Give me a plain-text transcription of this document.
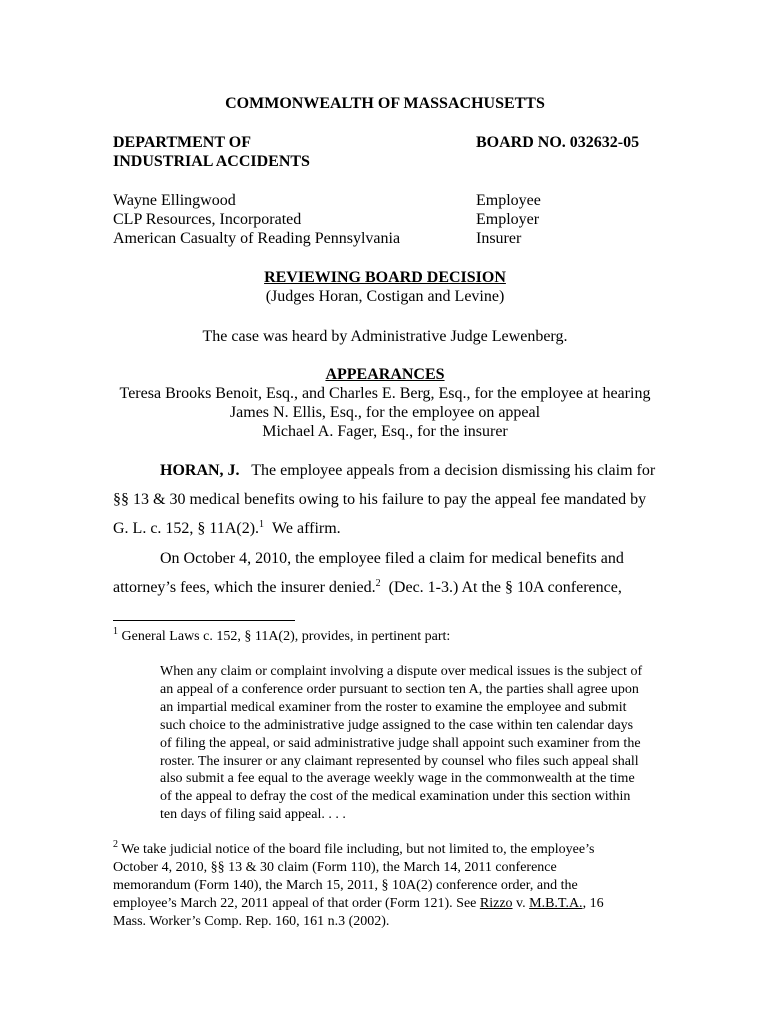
COMMONWEALTH OF MASSACHUSETTS
DEPARTMENT OF
INDUSTRIAL ACCIDENTS
BOARD NO. 032632-05
Wayne Ellingwood	Employee
CLP Resources, Incorporated	Employer
American Casualty of Reading Pennsylvania	Insurer
REVIEWING BOARD DECISION
(Judges Horan, Costigan and Levine)
The case was heard by Administrative Judge Lewenberg.
APPEARANCES
Teresa Brooks Benoit, Esq., and Charles E. Berg, Esq., for the employee at hearing
James N. Ellis, Esq., for the employee on appeal
Michael A. Fager, Esq., for the insurer
HORAN, J. The employee appeals from a decision dismissing his claim for
§§ 13 & 30 medical benefits owing to his failure to pay the appeal fee mandated by
G. L. c. 152, § 11A(2).$^1$ We affirm.
On October 4, 2010, the employee filed a claim for medical benefits and
attorney’s fees, which the insurer denied.$^2$ (Dec. 1-3.) At the § 10A conference,
$^1$ General Laws c. 152, § 11A(2), provides, in pertinent part:
When any claim or complaint involving a dispute over medical issues is the subject of
an appeal of a conference order pursuant to section ten A, the parties shall agree upon
an impartial medical examiner from the roster to examine the employee and submit
such choice to the administrative judge assigned to the case within ten calendar days
of filing the appeal, or said administrative judge shall appoint such examiner from the
roster. The insurer or any claimant represented by counsel who files such appeal shall
also submit a fee equal to the average weekly wage in the commonwealth at the time
of the appeal to defray the cost of the medical examination under this section within
ten days of filing said appeal. . . .
$^2$ We take judicial notice of the board file including, but not limited to, the employee’s
October 4, 2010, §§ 13 & 30 claim (Form 110), the March 14, 2011 conference
memorandum (Form 140), the March 15, 2011, § 10A(2) conference order, and the
employee’s March 22, 2011 appeal of that order (Form 121). See Rizzo v. M.B.T.A., 16
Mass. Worker’s Comp. Rep. 160, 161 n.3 (2002).
